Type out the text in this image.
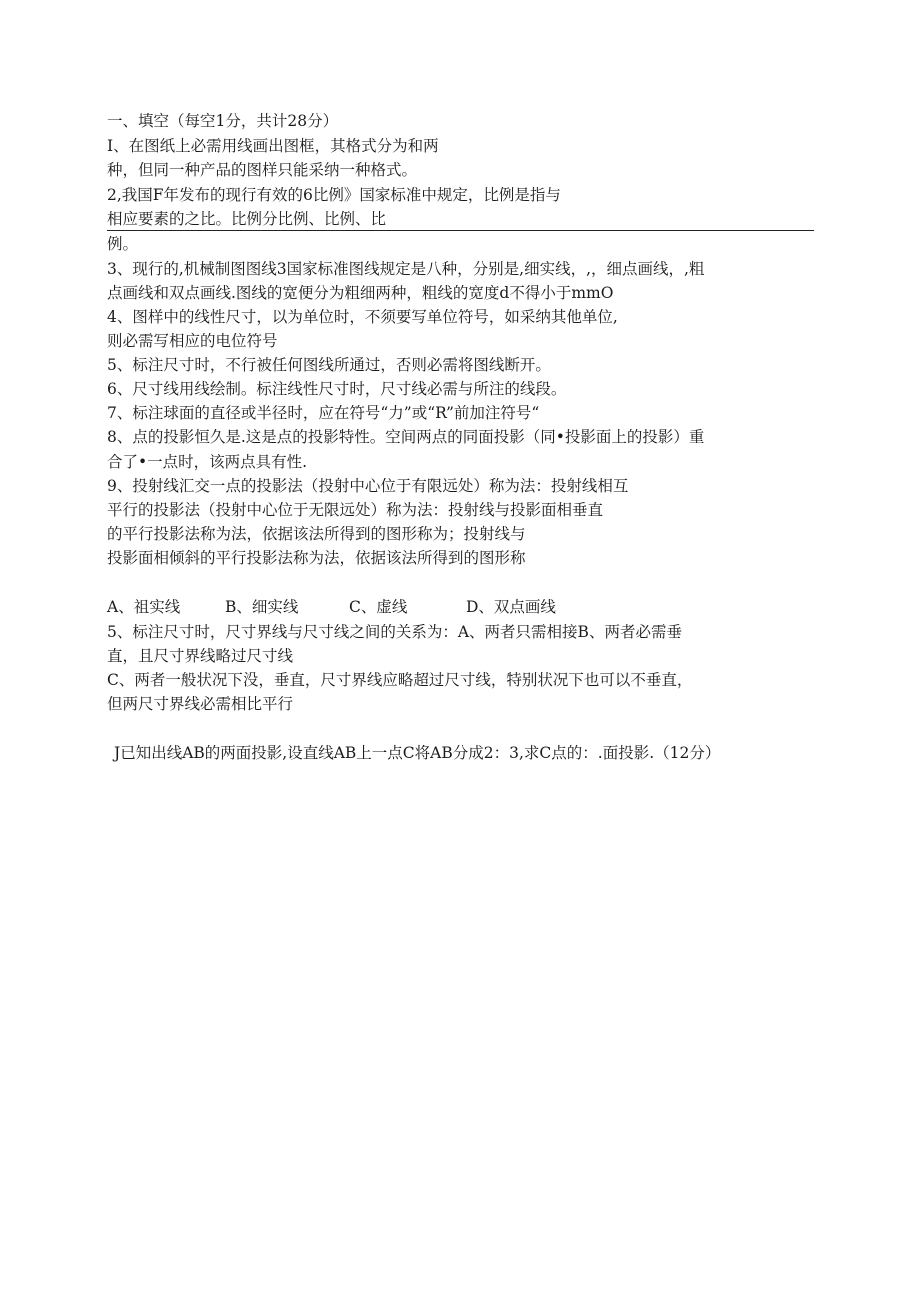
一、填空（每空1分，共计28分）
I、在图纸上必需用线画出图框，其格式分为和两
种，但同一种产品的图样只能采纳一种格式。
2,我国F年发布的现行有效的6比例》国家标准中规定，比例是指与
相应要素的之比。比例分比例、比例、比
例。
3、现行的,机械制图图线3国家标准图线规定是八种，分别是,细实线，,，细点画线，,粗
点画线和双点画线.图线的宽便分为粗细两种，粗线的宽度d不得小于mmO
4、图样中的线性尺寸，以为单位时，不须要写单位符号，如采纳其他单位,
则必需写相应的电位符号
5、标注尺寸时，不行被任何图线所通过，否则必需将图线断开。
6、尺寸线用线绘制。标注线性尺寸时，尺寸线必需与所注的线段。
7、标注球面的直径或半径时，应在符号“力”或“R”前加注符号“
8、点的投影恒久是.这是点的投影特性。空间两点的同面投影（同•投影面上的投影）重
合了•一点时，该两点具有性.
9、投射线汇交一点的投影法（投射中心位于有限远处）称为法：投射线相互
平行的投影法（投射中心位于无限远处）称为法：投射线与投影面相垂直
的平行投影法称为法，依据该法所得到的图形称为；投射线与
投影面相倾斜的平行投影法称为法，依据该法所得到的图形称
A、祖实线	B、细实线	C、虚线	D、双点画线
5、标注尺寸时，尺寸界线与尺寸线之间的关系为：A、两者只需相接B、两者必需垂
直，且尺寸界线略过尺寸线
C、两者一般状况下没，垂直，尺寸界线应略超过尺寸线，特别状况下也可以不垂直，
但两尺寸界线必需相比平行
J已知出线AB的两面投影,设直线AB上一点C将AB分成2：3,求C点的：.面投影.（12分）
